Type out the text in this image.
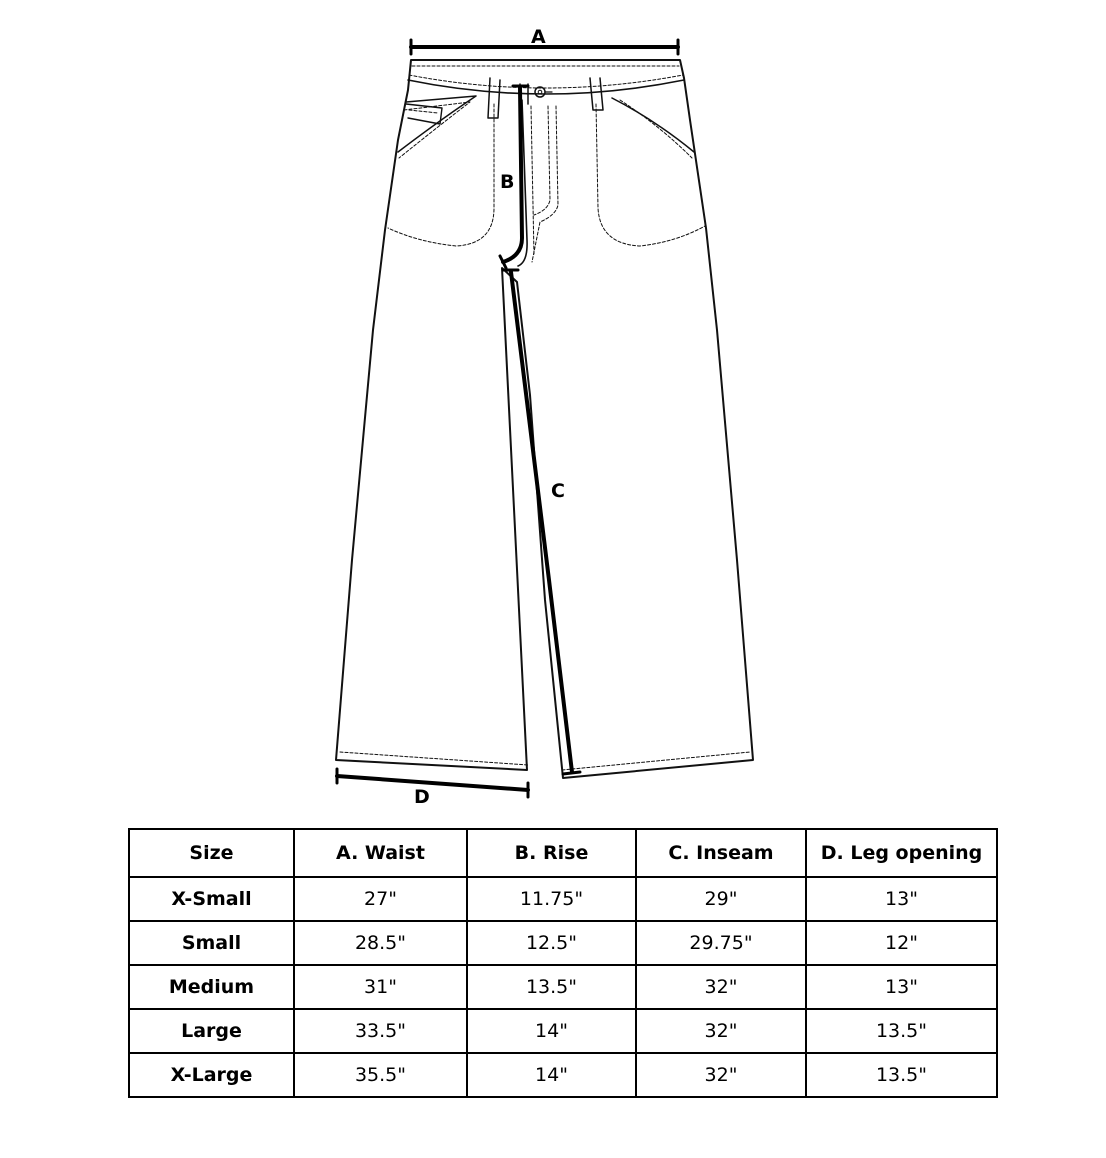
A
B
C
D
Size	A. Waist	B. Rise	C. Inseam	D. Leg opening
X-Small	27"	11.75"	29"	13"
Small	28.5"	12.5"	29.75"	12"
Medium	31"	13.5"	32"	13"
Large	33.5"	14"	32"	13.5"
X-Large	35.5"	14"	32"	13.5"
